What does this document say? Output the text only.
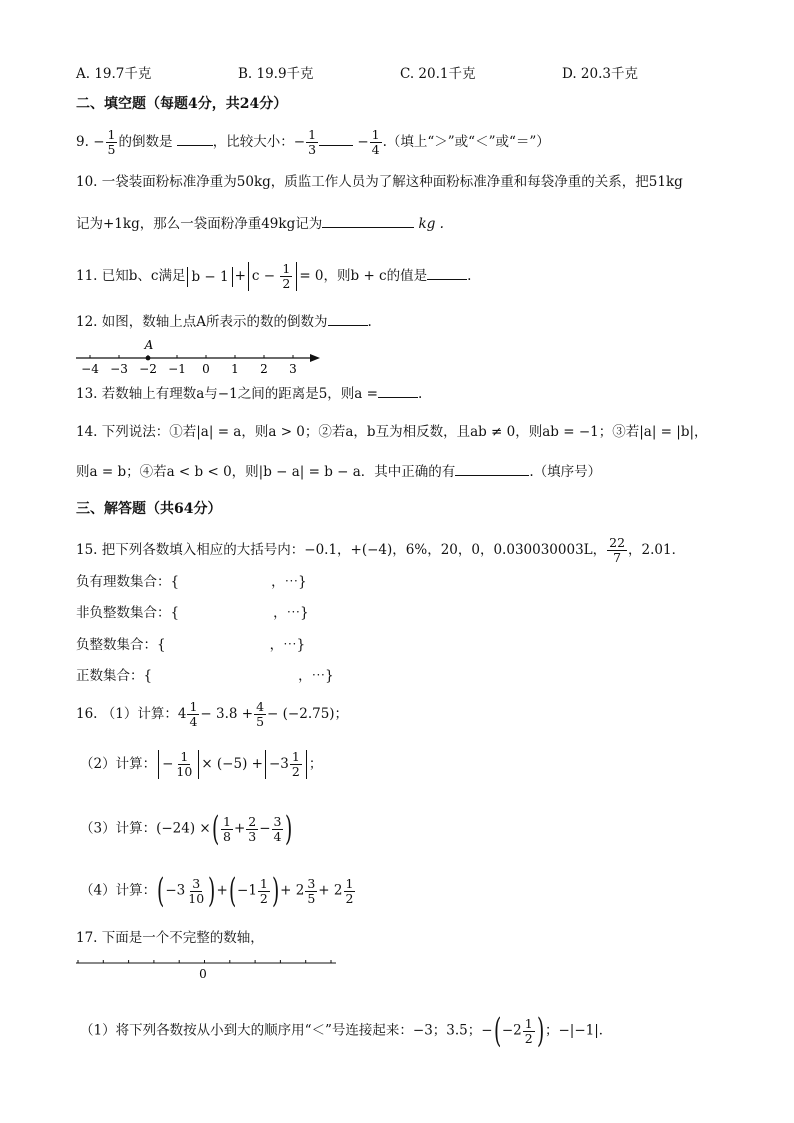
A. 19.7千克	B. 19.9千克	C. 20.1千克	D. 20.3千克
二、填空题（每题4分，共24分）
9. − $\frac{1}{5}$ 的倒数是	，比较大小：− $\frac{1}{3}$	− $\frac{1}{4}$ .（填上“＞”或“＜”或“＝”）
10. 一袋装面粉标准净重为50kg，质监工作人员为了解这种面粉标准净重和每袋净重的关系，把51kg
记为+1kg，那么一袋面粉净重49kg记为	kg .
11. 已知b、c满足 $b - 1 + c - \frac{1}{2} = 0$，则b + c的值是	.
12. 如图，数轴上点A所表示的数的倒数为	.
−4 −3 −2 −1 0 1 2 3
A
13. 若数轴上有理数a与−1之间的距离是5，则a =	.
14. 下列说法：①若|a| = a，则a > 0；②若a，b互为相反数，且ab ≠ 0，则ab = −1；③若|a| = |b|，
则a = b；④若a < b < 0，则|b − a| = b − a．其中正确的有	.（填序号）
三、解答题（共64分）
15. 把下列各数填入相应的大括号内：−0.1，+(−4)，6%，20，0，0.030030003L， $\frac{22}{7}$ ，2.01．
负有理数集合：{	，⋯}
非负整数集合：{	，⋯}
负整数集合：{	，⋯}
正数集合：{	，⋯}
16. （1）计算：$4 \frac{1}{4} - 3.8 + \frac{4}{5} - (-2.75)$；
（2）计算： − $\frac{1}{10} \times (-5) + -3 \frac{1}{2}$ ；
（3）计算：(−24) ×( $\frac{1}{8} + \frac{2}{3} - \frac{3}{4}$ )
（4）计算：$(-3 \frac{3}{10} )+(-1 \frac{1}{2}$ )+ $2 \frac{3}{5} + 2 \frac{1}{2}$
17. 下面是一个不完整的数轴，
0
（1）将下列各数按从小到大的顺序用“＜”号连接起来：−3；3.5；$-(-2 \frac{1}{2}$ )；−|−1|．
